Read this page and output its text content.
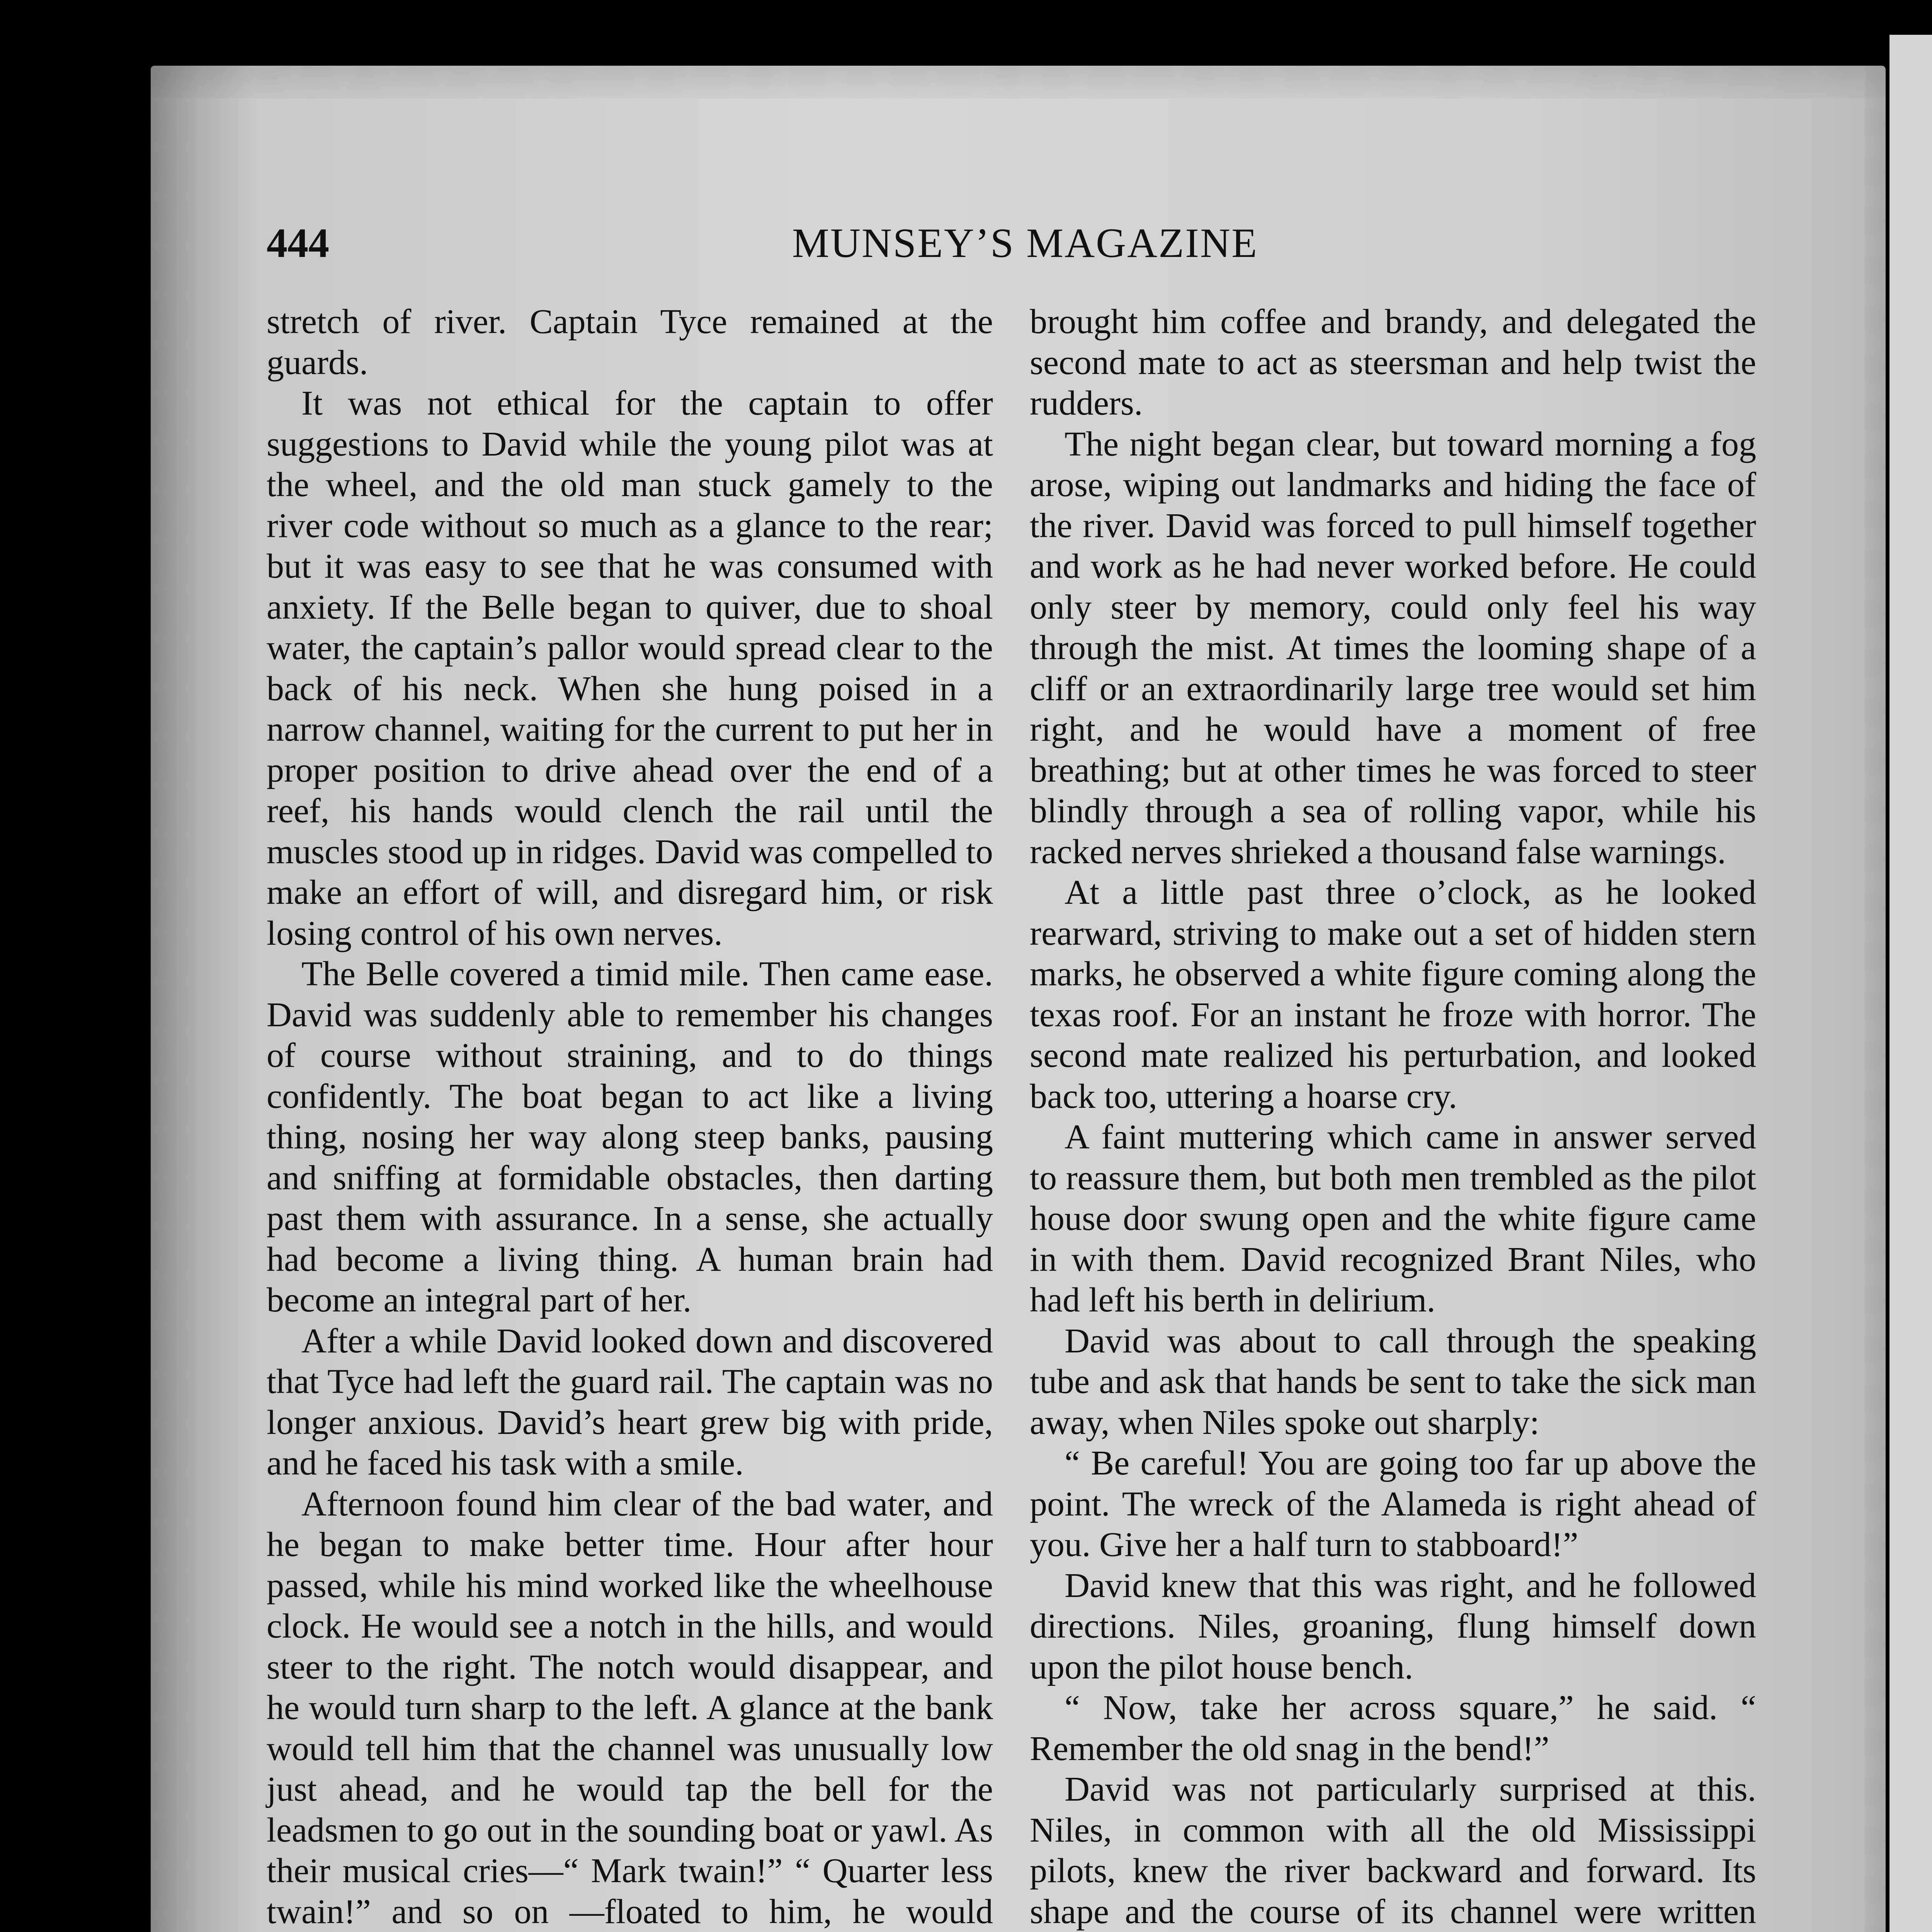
444	MUNSEY’S MAGAZINE

stretch of river. Captain Tyce remained at the guards.

It was not ethical for the captain to offer suggestions to David while the young pilot was at the wheel, and the old man stuck gamely to the river code without so much as a glance to the rear; but it was easy to see that he was consumed with anxiety. If the Belle began to quiver, due to shoal water, the captain’s pallor would spread clear to the back of his neck. When she hung poised in a narrow channel, waiting for the current to put her in proper position to drive ahead over the end of a reef, his hands would clench the rail until the muscles stood up in ridges. David was compelled to make an effort of will, and disregard him, or risk losing control of his own nerves.

The Belle covered a timid mile. Then came ease. David was suddenly able to remember his changes of course without straining, and to do things confidently. The boat began to act like a living thing, nosing her way along steep banks, pausing and sniffing at formidable obstacles, then darting past them with assurance. In a sense, she actually had become a living thing. A human brain had become an integral part of her.

After a while David looked down and discovered that Tyce had left the guard rail. The captain was no longer anxious. David’s heart grew big with pride, and he faced his task with a smile.

Afternoon found him clear of the bad water, and he began to make better time. Hour after hour passed, while his mind worked like the wheelhouse clock. He would see a notch in the hills, and would steer to the right. The notch would disappear, and he would turn sharp to the left. A glance at the bank would tell him that the channel was unusually low just ahead, and he would tap the bell for the leadsmen to go out in the sounding boat or yawl. As their musical cries—“ Mark twain!” “ Quarter less twain!” and so on —floated to him, he would

brought him coffee and brandy, and delegated the second mate to act as steersman and help twist the rudders.

The night began clear, but toward morning a fog arose, wiping out landmarks and hiding the face of the river. David was forced to pull himself together and work as he had never worked before. He could only steer by memory, could only feel his way through the mist. At times the looming shape of a cliff or an extraordinarily large tree would set him right, and he would have a moment of free breathing; but at other times he was forced to steer blindly through a sea of rolling vapor, while his racked nerves shrieked a thousand false warnings.

At a little past three o’clock, as he looked rearward, striving to make out a set of hidden stern marks, he observed a white figure coming along the texas roof. For an instant he froze with horror. The second mate realized his perturbation, and looked back too, uttering a hoarse cry.

A faint muttering which came in answer served to reassure them, but both men trembled as the pilot house door swung open and the white figure came in with them. David recognized Brant Niles, who had left his berth in delirium.

David was about to call through the speaking tube and ask that hands be sent to take the sick man away, when Niles spoke out sharply:

“ Be careful! You are going too far up above the point. The wreck of the Alameda is right ahead of you. Give her a half turn to stabboard!”

David knew that this was right, and he followed directions. Niles, groaning, flung himself down upon the pilot house bench.

“ Now, take her across square,” he said. “ Remember the old snag in the bend!”

David was not particularly surprised at this. Niles, in common with all the old Mississippi pilots, knew the river backward and forward. Its shape and the course of its channel were written
